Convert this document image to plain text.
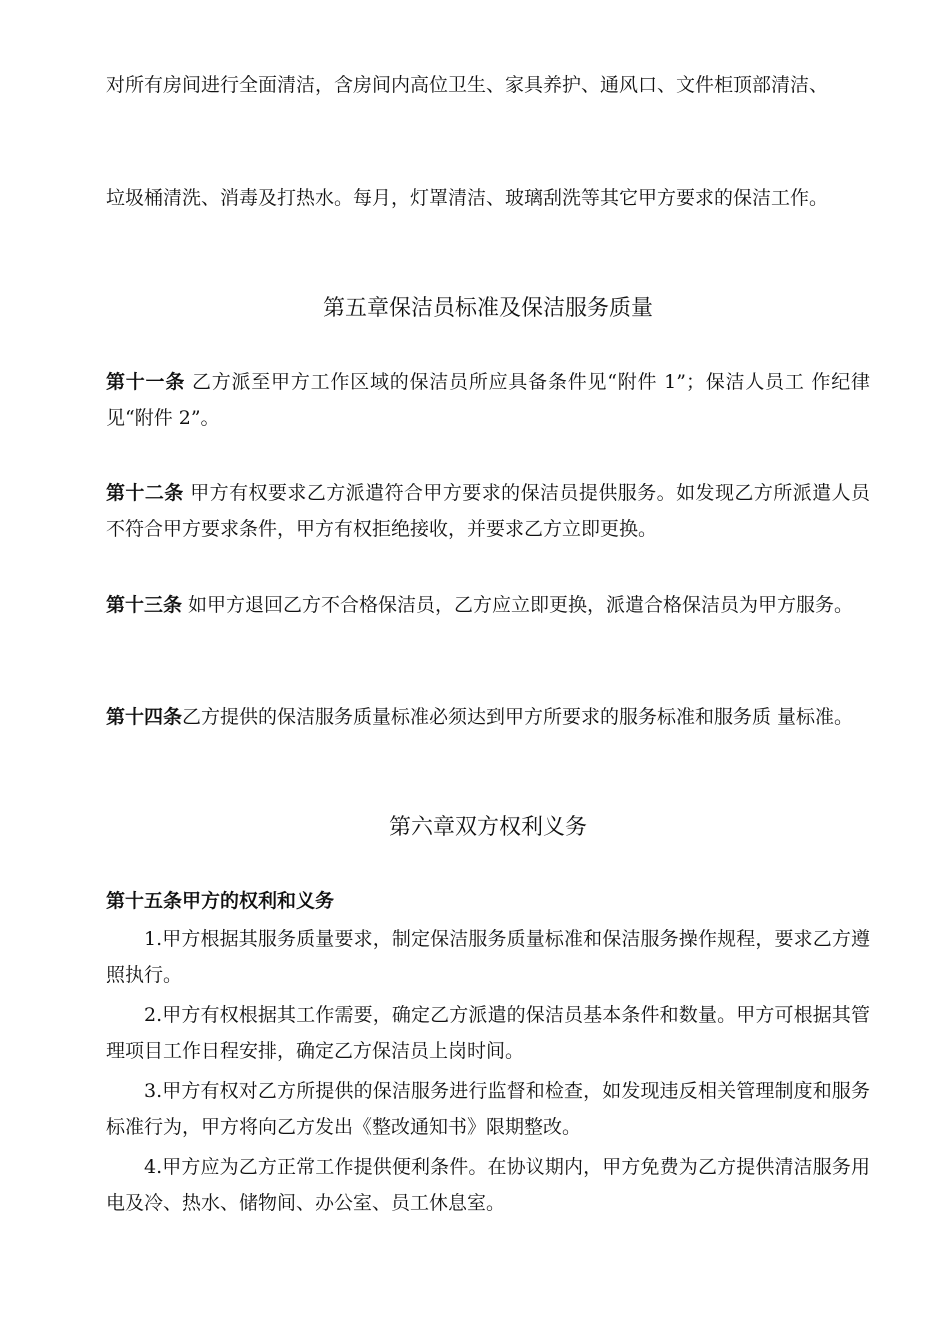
对所有房间进行全面清洁，含房间内高位卫生、家具养护、通风口、文件柜顶部清洁、

垃圾桶清洗、消毒及打热水。每月，灯罩清洁、玻璃刮洗等其它甲方要求的保洁工作。

第五章保洁员标准及保洁服务质量

第十一条 乙方派至甲方工作区域的保洁员所应具备条件见“附件 1”；保洁人员工 作纪律见“附件 2”。

第十二条 甲方有权要求乙方派遣符合甲方要求的保洁员提供服务。如发现乙方所派遣人员不符合甲方要求条件，甲方有权拒绝接收，并要求乙方立即更换。

第十三条 如甲方退回乙方不合格保洁员，乙方应立即更换，派遣合格保洁员为甲方服务。

第十四条乙方提供的保洁服务质量标准必须达到甲方所要求的服务标准和服务质 量标准。

第六章双方权利义务

第十五条甲方的权利和义务

1.甲方根据其服务质量要求，制定保洁服务质量标准和保洁服务操作规程，要求乙方遵照执行。

2.甲方有权根据其工作需要，确定乙方派遣的保洁员基本条件和数量。甲方可根据其管理项目工作日程安排，确定乙方保洁员上岗时间。

3.甲方有权对乙方所提供的保洁服务进行监督和检查，如发现违反相关管理制度和服务标准行为，甲方将向乙方发出《整改通知书》限期整改。

4.甲方应为乙方正常工作提供便利条件。在协议期内，甲方免费为乙方提供清洁服务用电及冷、热水、储物间、办公室、员工休息室。
